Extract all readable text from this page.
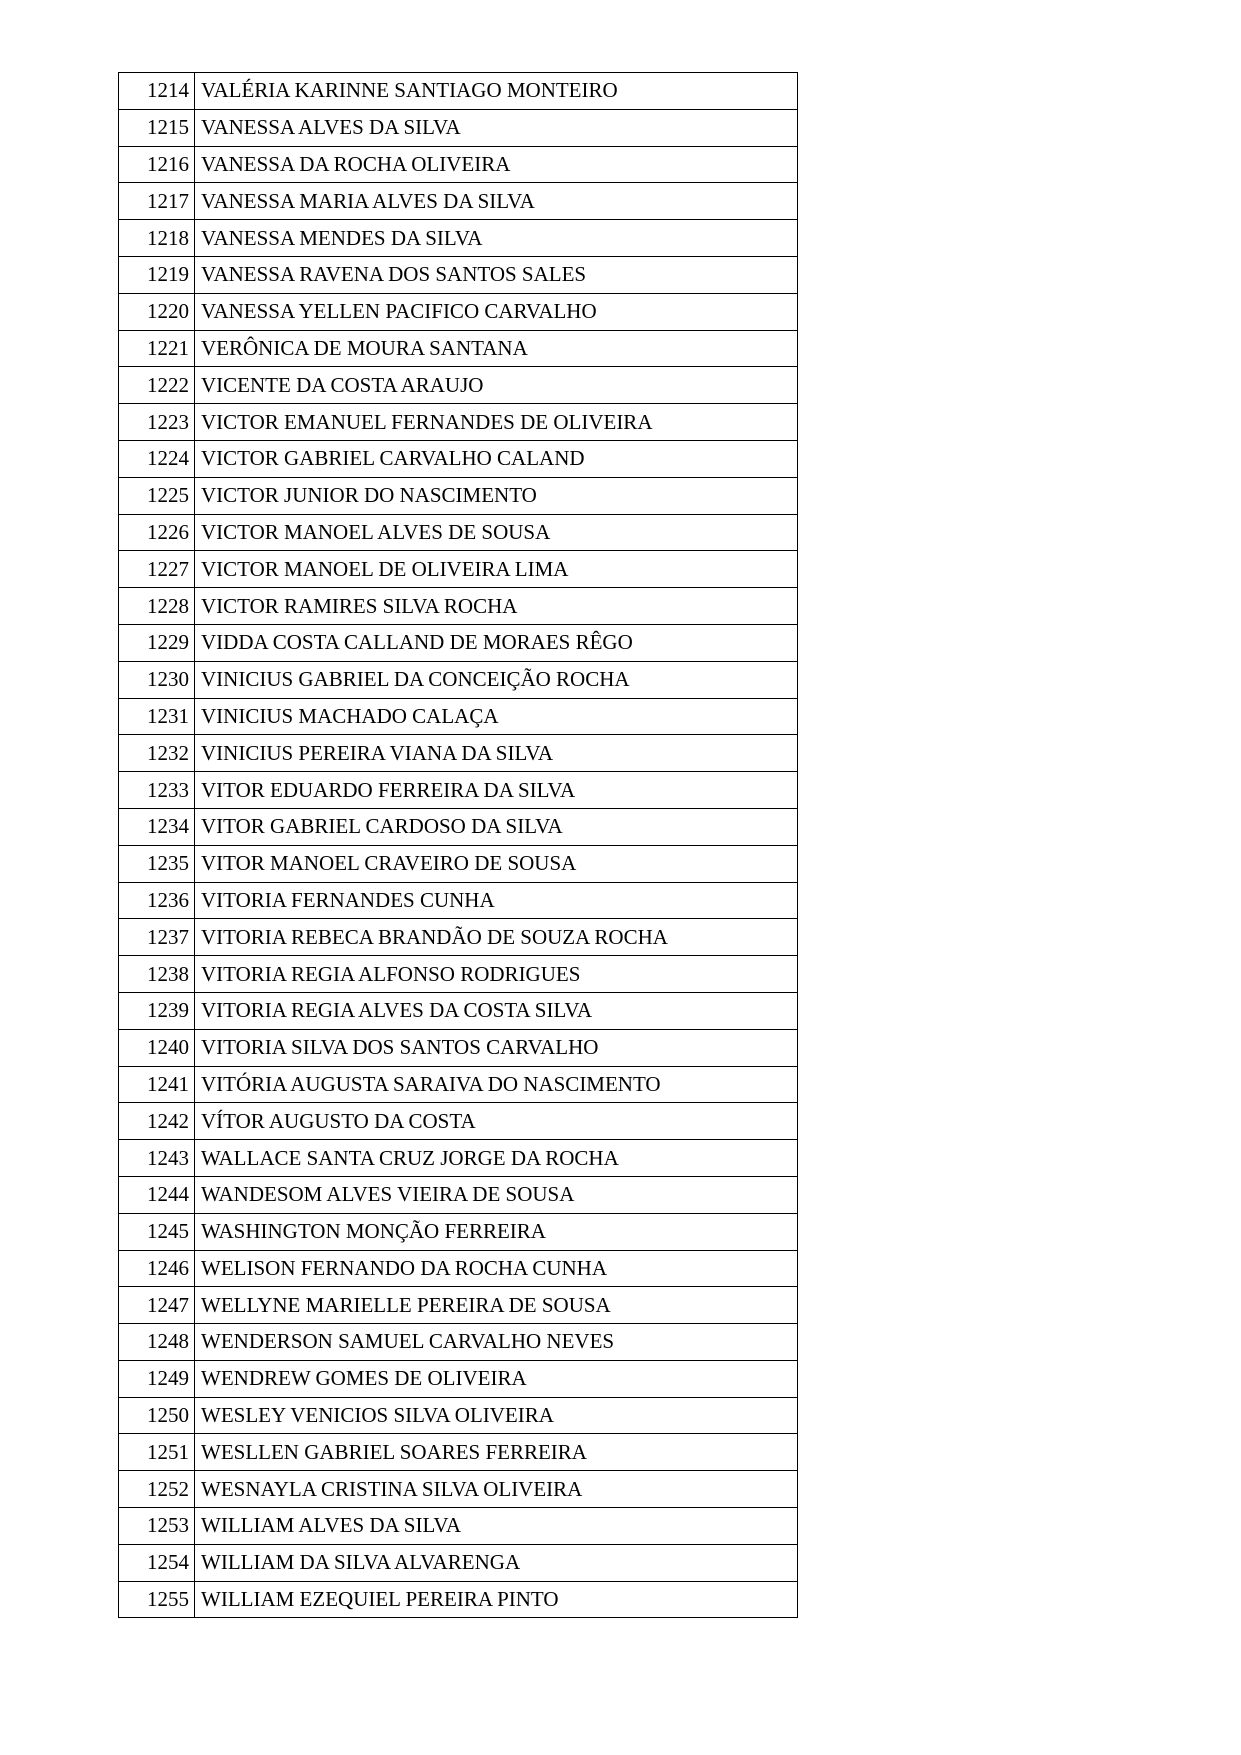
1214	VALÉRIA KARINNE SANTIAGO MONTEIRO
1215	VANESSA ALVES DA SILVA
1216	VANESSA DA ROCHA OLIVEIRA
1217	VANESSA MARIA ALVES DA SILVA
1218	VANESSA MENDES DA SILVA
1219	VANESSA RAVENA DOS SANTOS SALES
1220	VANESSA YELLEN PACIFICO CARVALHO
1221	VERÔNICA DE MOURA SANTANA
1222	VICENTE DA COSTA ARAUJO
1223	VICTOR EMANUEL FERNANDES DE OLIVEIRA
1224	VICTOR GABRIEL CARVALHO CALAND
1225	VICTOR JUNIOR DO NASCIMENTO
1226	VICTOR MANOEL ALVES DE SOUSA
1227	VICTOR MANOEL DE OLIVEIRA LIMA
1228	VICTOR RAMIRES SILVA ROCHA
1229	VIDDA COSTA CALLAND DE MORAES RÊGO
1230	VINICIUS GABRIEL DA CONCEIÇÃO ROCHA
1231	VINICIUS MACHADO CALAÇA
1232	VINICIUS PEREIRA VIANA DA SILVA
1233	VITOR EDUARDO FERREIRA DA SILVA
1234	VITOR GABRIEL CARDOSO DA SILVA
1235	VITOR MANOEL CRAVEIRO DE SOUSA
1236	VITORIA FERNANDES CUNHA
1237	VITORIA REBECA BRANDÃO DE SOUZA ROCHA
1238	VITORIA REGIA ALFONSO RODRIGUES
1239	VITORIA REGIA ALVES DA COSTA SILVA
1240	VITORIA SILVA DOS SANTOS CARVALHO
1241	VITÓRIA AUGUSTA SARAIVA DO NASCIMENTO
1242	VÍTOR AUGUSTO DA COSTA
1243	WALLACE SANTA CRUZ JORGE DA ROCHA
1244	WANDESOM ALVES VIEIRA DE SOUSA
1245	WASHINGTON MONÇÃO FERREIRA
1246	WELISON FERNANDO DA ROCHA CUNHA
1247	WELLYNE MARIELLE PEREIRA DE SOUSA
1248	WENDERSON SAMUEL CARVALHO NEVES
1249	WENDREW GOMES DE OLIVEIRA
1250	WESLEY VENICIOS SILVA OLIVEIRA
1251	WESLLEN GABRIEL SOARES FERREIRA
1252	WESNAYLA CRISTINA SILVA OLIVEIRA
1253	WILLIAM ALVES DA SILVA
1254	WILLIAM DA SILVA ALVARENGA
1255	WILLIAM EZEQUIEL PEREIRA PINTO
